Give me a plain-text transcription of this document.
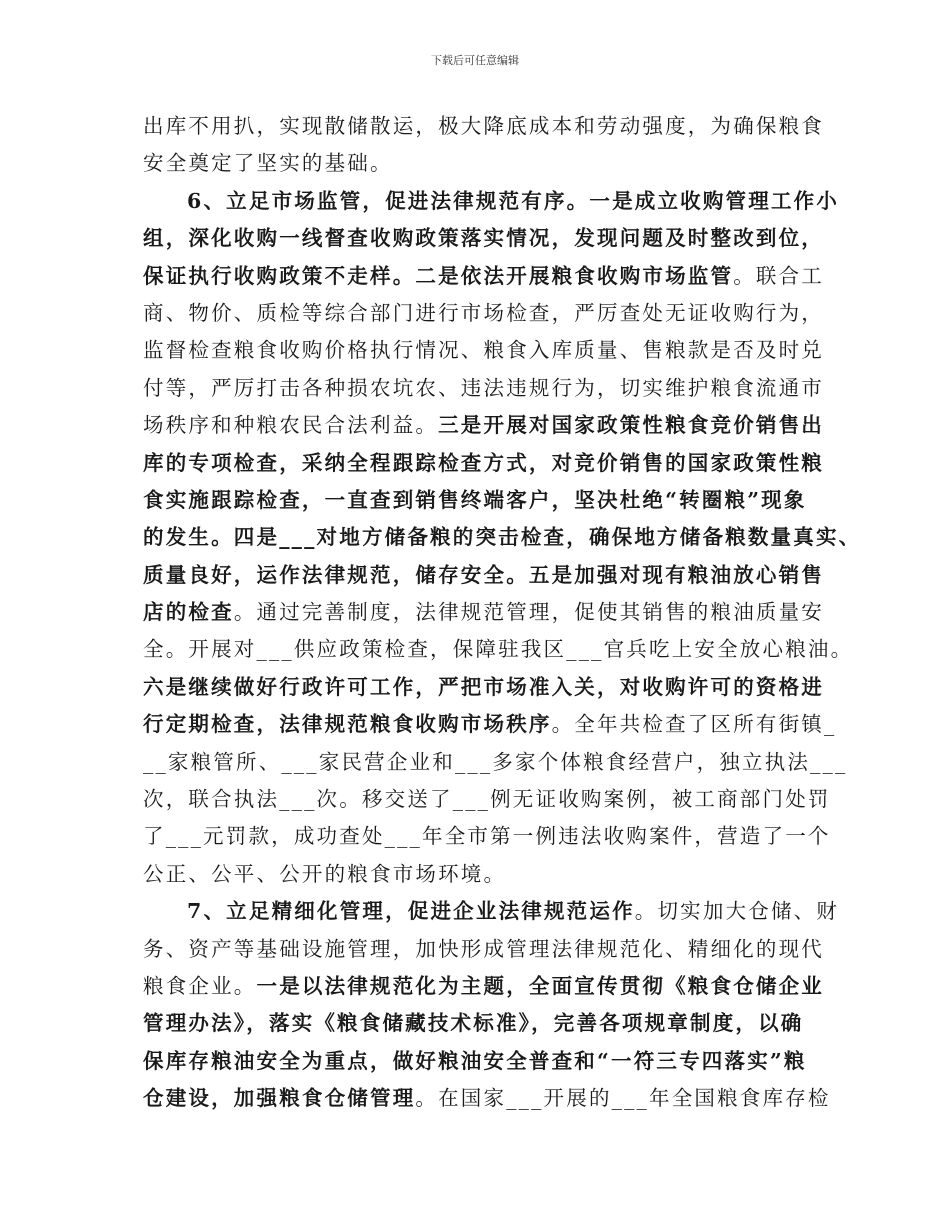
下载后可任意编辑
出库不用扒，实现散储散运，极大降底成本和劳动强度，为确保粮食
安全奠定了坚实的基础。
6、立足市场监管，促进法律规范有序。一是成立收购管理工作小
组，深化收购一线督查收购政策落实情况，发现问题及时整改到位，
保证执行收购政策不走样。二是依法开展粮食收购市场监管。联合工
商、物价、质检等综合部门进行市场检查，严厉查处无证收购行为，
监督检查粮食收购价格执行情况、粮食入库质量、售粮款是否及时兑
付等，严厉打击各种损农坑农、违法违规行为，切实维护粮食流通市
场秩序和种粮农民合法利益。三是开展对国家政策性粮食竞价销售出
库的专项检查，采纳全程跟踪检查方式，对竞价销售的国家政策性粮
食实施跟踪检查，一直查到销售终端客户，坚决杜绝“转圈粮”现象
的发生。四是___对地方储备粮的突击检查，确保地方储备粮数量真实、
质量良好，运作法律规范，储存安全。五是加强对现有粮油放心销售
店的检查。通过完善制度，法律规范管理，促使其销售的粮油质量安
全。开展对___供应政策检查，保障驻我区___官兵吃上安全放心粮油。
六是继续做好行政许可工作，严把市场准入关，对收购许可的资格进
行定期检查，法律规范粮食收购市场秩序。全年共检查了区所有街镇_
__家粮管所、___家民营企业和___多家个体粮食经营户，独立执法___
次，联合执法___次。移交送了___例无证收购案例，被工商部门处罚
了___元罚款，成功查处___年全市第一例违法收购案件，营造了一个
公正、公平、公开的粮食市场环境。
7、立足精细化管理，促进企业法律规范运作。切实加大仓储、财
务、资产等基础设施管理，加快形成管理法律规范化、精细化的现代
粮食企业。一是以法律规范化为主题，全面宣传贯彻《粮食仓储企业
管理办法》，落实《粮食储藏技术标准》，完善各项规章制度，以确
保库存粮油安全为重点，做好粮油安全普查和“一符三专四落实”粮
仓建设，加强粮食仓储管理。在国家___开展的___年全国粮食库存检
